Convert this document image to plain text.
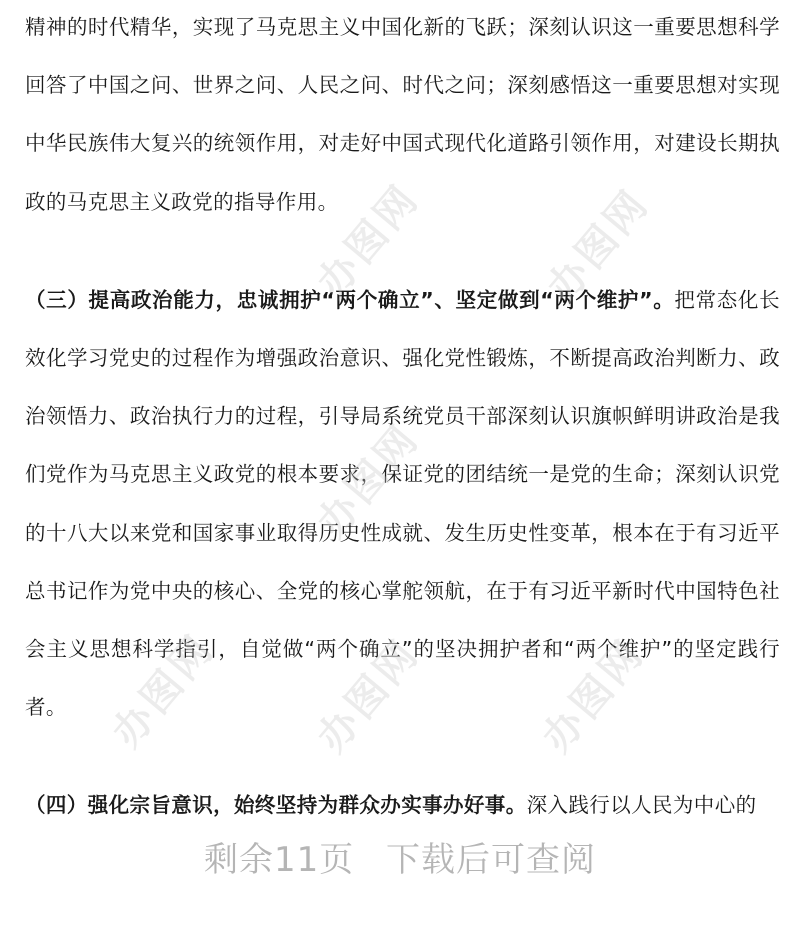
精神的时代精华，实现了马克思主义中国化新的飞跃；深刻认识这一重要思想科学回答了中国之问、世界之问、人民之问、时代之问；深刻感悟这一重要思想对实现中华民族伟大复兴的统领作用，对走好中国式现代化道路引领作用，对建设长期执政的马克思主义政党的指导作用。

（三）提高政治能力，忠诚拥护“两个确立”、坚定做到“两个维护”。把常态化长效化学习党史的过程作为增强政治意识、强化党性锻炼，不断提高政治判断力、政治领悟力、政治执行力的过程，引导局系统党员干部深刻认识旗帜鲜明讲政治是我们党作为马克思主义政党的根本要求，保证党的团结统一是党的生命；深刻认识党的十八大以来党和国家事业取得历史性成就、发生历史性变革，根本在于有习近平总书记作为党中央的核心、全党的核心掌舵领航，在于有习近平新时代中国特色社会主义思想科学指引，自觉做“两个确立”的坚决拥护者和“两个维护”的坚定践行者。

（四）强化宗旨意识，始终坚持为群众办实事办好事。深入践行以人民为中心的

办图网	办图网
办图网
办图网 办图网	办图网
剩余11页 下载后可查阅
